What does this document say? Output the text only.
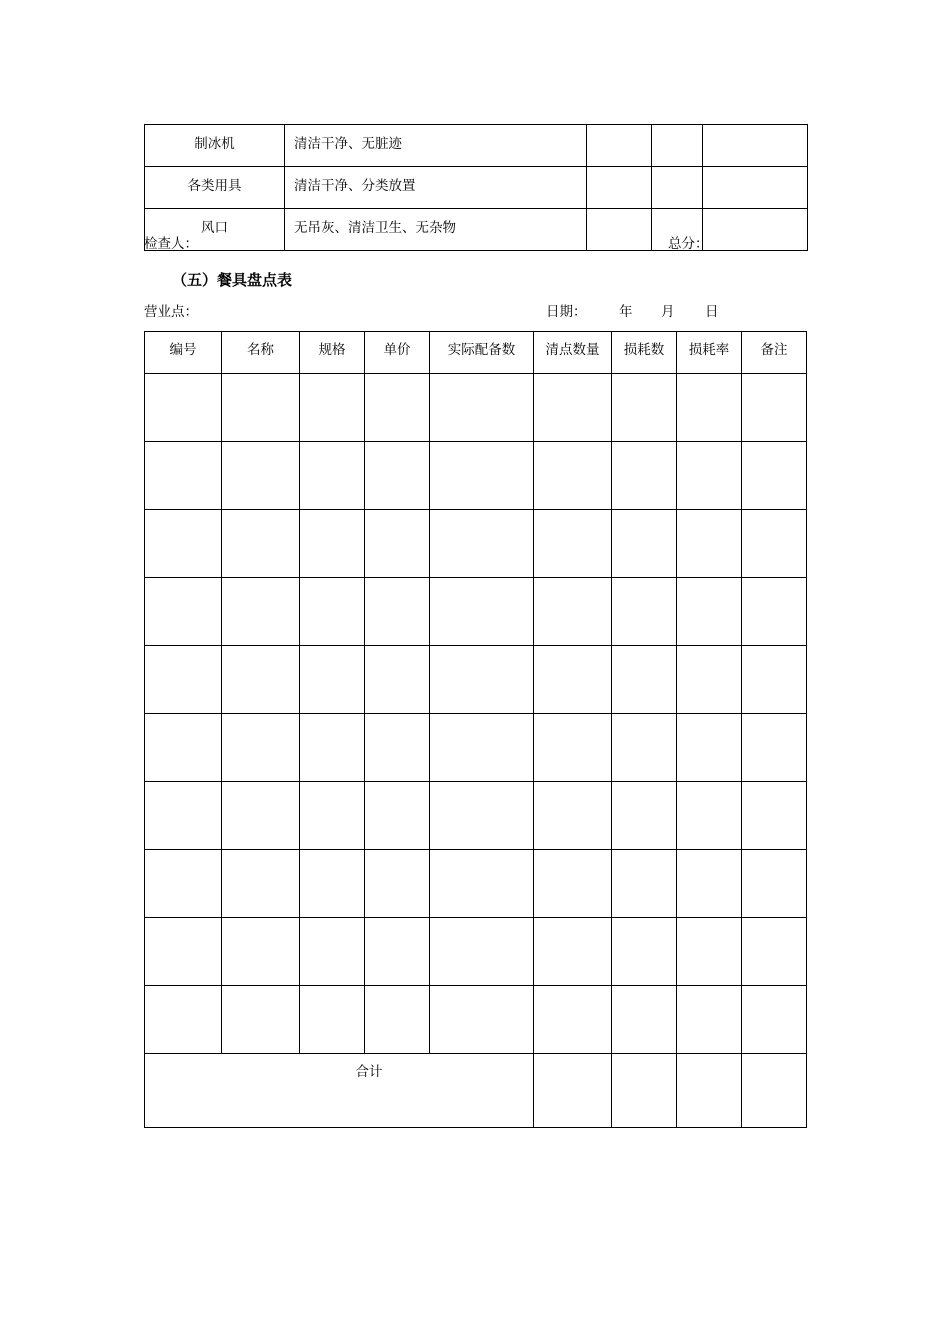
制冰机	清洁干净、无脏迹			
各类用具	清洁干净、分类放置			
风口	无吊灰、清洁卫生、无杂物			
检查人：	总分：
（五）餐具盘点表
营业点：	日期： 年 月 日
编号	名称	规格	单价	实际配备数	清点数量	损耗数	损耗率	备注

合计								
